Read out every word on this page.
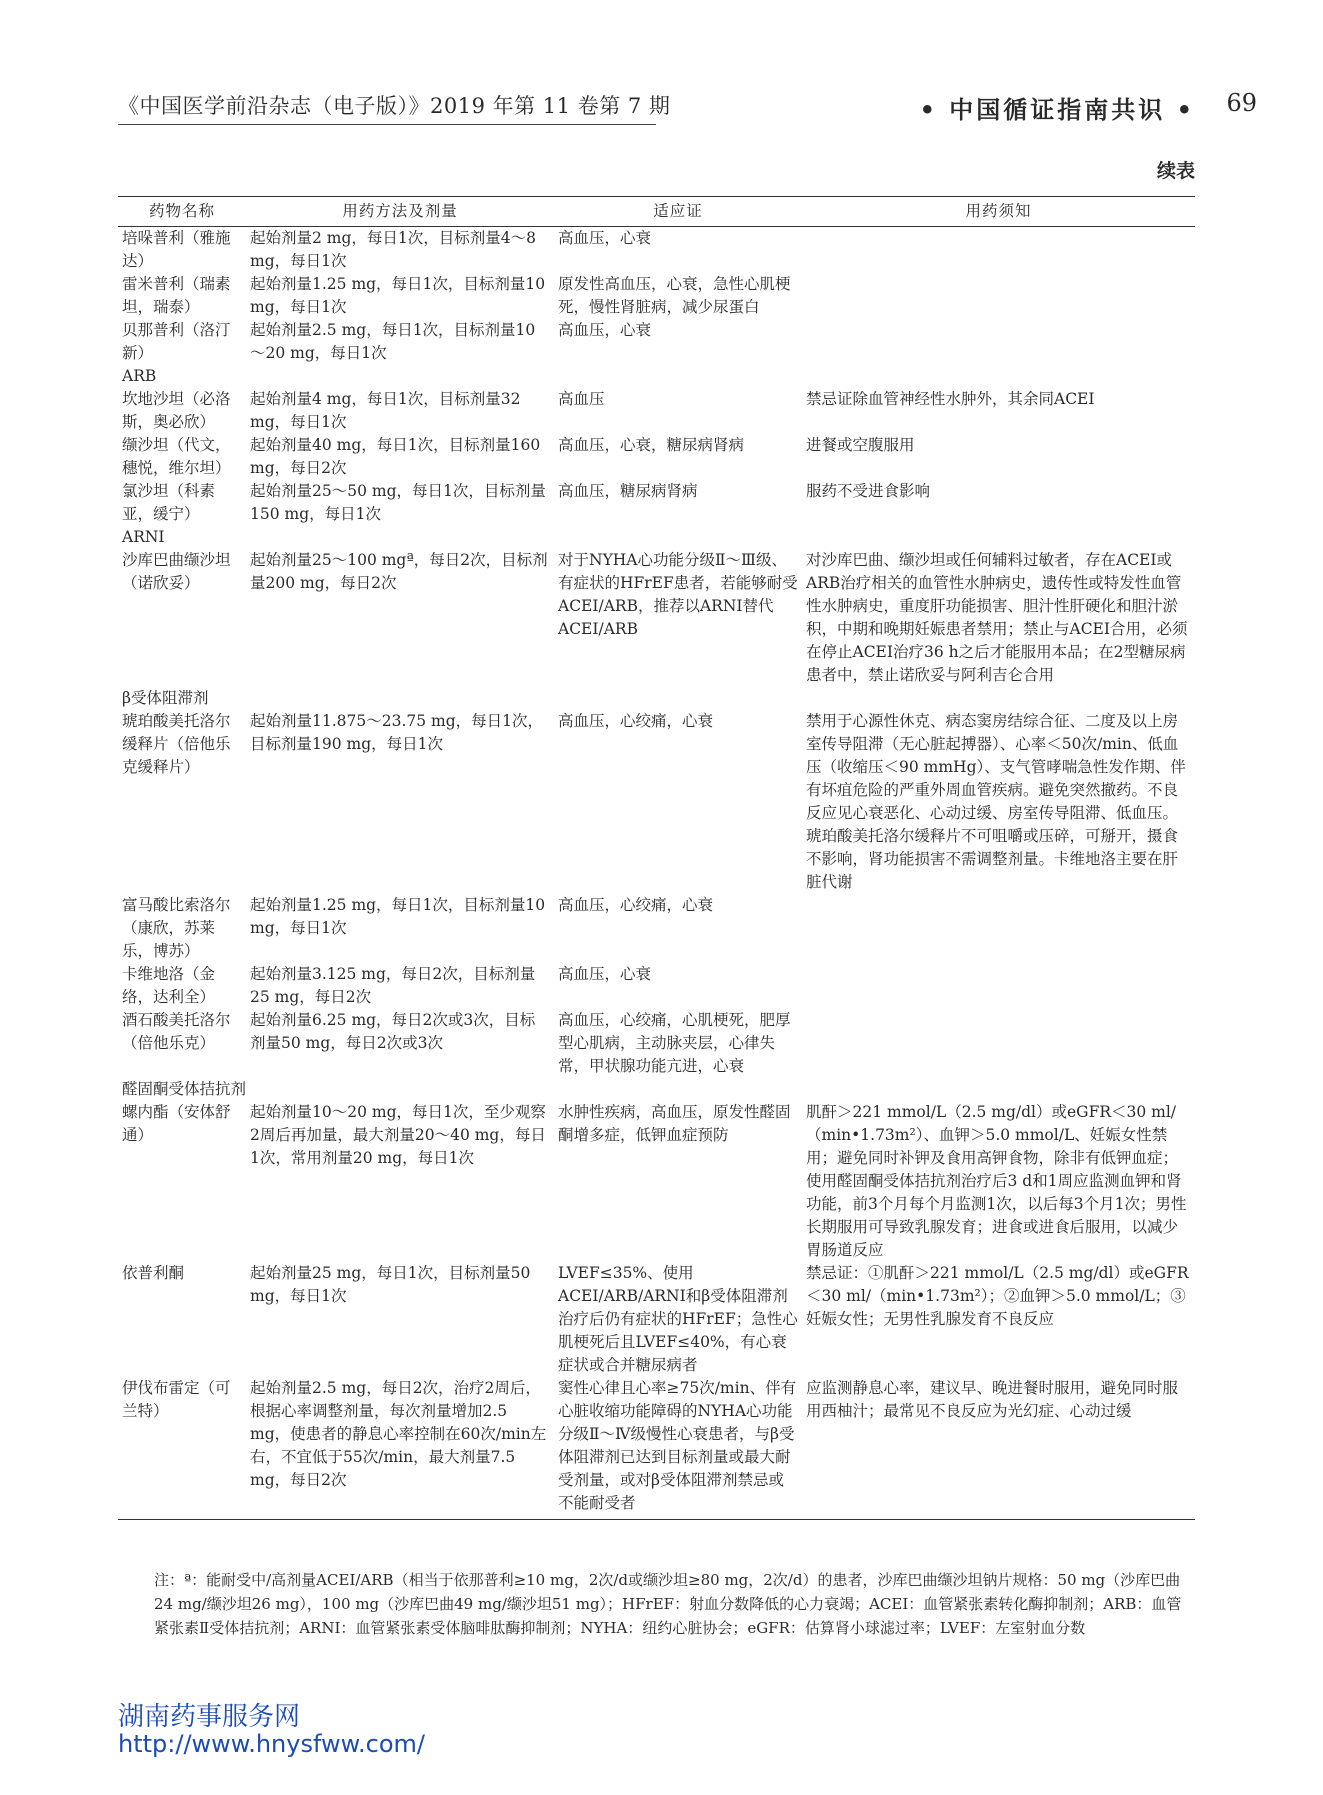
《中国医学前沿杂志（电子版）》2019 年第 11 卷第 7 期	• 中国循证指南共识 • 69
续表
药物名称	用药方法及剂量	适应证	用药须知
培哚普利（雅施达）	起始剂量2 mg，每日1次，目标剂量4～8 mg，每日1次	高血压，心衰	
雷米普利（瑞素坦，瑞泰）	起始剂量1.25 mg，每日1次，目标剂量10 mg，每日1次	原发性高血压，心衰，急性心肌梗死，慢性肾脏病，减少尿蛋白	
贝那普利（洛汀新）	起始剂量2.5 mg，每日1次，目标剂量10～20 mg，每日1次	高血压，心衰	
ARB			
坎地沙坦（必洛斯，奥必欣）	起始剂量4 mg，每日1次，目标剂量32 mg，每日1次	高血压	禁忌证除血管神经性水肿外，其余同ACEI
缬沙坦（代文，穗悦，维尔坦）	起始剂量40 mg，每日1次，目标剂量160 mg，每日2次	高血压，心衰，糖尿病肾病	进餐或空腹服用
氯沙坦（科素亚，缓宁）	起始剂量25～50 mg，每日1次，目标剂量150 mg，每日1次	高血压，糖尿病肾病	服药不受进食影响
ARNI			
沙库巴曲缬沙坦（诺欣妥）	起始剂量25～100 mgª，每日2次，目标剂量200 mg，每日2次	对于NYHA心功能分级Ⅱ～Ⅲ级、有症状的HFrEF患者，若能够耐受ACEI/ARB，推荐以ARNI替代ACEI/ARB	对沙库巴曲、缬沙坦或任何辅料过敏者，存在ACEI或ARB治疗相关的血管性水肿病史，遗传性或特发性血管性水肿病史，重度肝功能损害、胆汁性肝硬化和胆汁淤积，中期和晚期妊娠患者禁用；禁止与ACEI合用，必须在停止ACEI治疗36 h之后才能服用本品；在2型糖尿病患者中，禁止诺欣妥与阿利吉仑合用
β受体阻滞剂			
琥珀酸美托洛尔缓释片（倍他乐克缓释片）	起始剂量11.875～23.75 mg，每日1次，目标剂量190 mg，每日1次	高血压，心绞痛，心衰	禁用于心源性休克、病态窦房结综合征、二度及以上房室传导阻滞（无心脏起搏器）、心率＜50次/min、低血压（收缩压＜90 mmHg）、支气管哮喘急性发作期、伴有坏疽危险的严重外周血管疾病。避免突然撤药。不良反应见心衰恶化、心动过缓、房室传导阻滞、低血压。琥珀酸美托洛尔缓释片不可咀嚼或压碎，可掰开，摄食不影响，肾功能损害不需调整剂量。卡维地洛主要在肝脏代谢
富马酸比索洛尔（康欣，苏莱乐，博苏）	起始剂量1.25 mg，每日1次，目标剂量10 mg，每日1次	高血压，心绞痛，心衰	
卡维地洛（金络，达利全）	起始剂量3.125 mg，每日2次，目标剂量25 mg，每日2次	高血压，心衰	
酒石酸美托洛尔（倍他乐克）	起始剂量6.25 mg，每日2次或3次，目标剂量50 mg，每日2次或3次	高血压，心绞痛，心肌梗死，肥厚型心肌病，主动脉夹层，心律失常，甲状腺功能亢进，心衰	
醛固酮受体拮抗剂			
螺内酯（安体舒通）	起始剂量10～20 mg，每日1次，至少观察2周后再加量，最大剂量20～40 mg，每日1次，常用剂量20 mg，每日1次	水肿性疾病，高血压，原发性醛固酮增多症，低钾血症预防	肌酐＞221 mmol/L（2.5 mg/dl）或eGFR＜30 ml/（min•1.73m²）、血钾＞5.0 mmol/L、妊娠女性禁用；避免同时补钾及食用高钾食物，除非有低钾血症；使用醛固酮受体拮抗剂治疗后3 d和1周应监测血钾和肾功能，前3个月每个月监测1次，以后每3个月1次；男性长期服用可导致乳腺发育；进食或进食后服用，以减少胃肠道反应
依普利酮	起始剂量25 mg，每日1次，目标剂量50 mg，每日1次	LVEF≤35%、使用ACEI/ARB/ARNI和β受体阻滞剂治疗后仍有症状的HFrEF；急性心肌梗死后且LVEF≤40%，有心衰症状或合并糖尿病者	禁忌证：①肌酐＞221 mmol/L（2.5 mg/dl）或eGFR＜30 ml/（min•1.73m²）；②血钾＞5.0 mmol/L；③妊娠女性；无男性乳腺发育不良反应
伊伐布雷定（可兰特）	起始剂量2.5 mg，每日2次，治疗2周后，根据心率调整剂量，每次剂量增加2.5 mg，使患者的静息心率控制在60次/min左右，不宜低于55次/min，最大剂量7.5 mg，每日2次	窦性心律且心率≥75次/min、伴有心脏收缩功能障碍的NYHA心功能分级Ⅱ～Ⅳ级慢性心衰患者，与β受体阻滞剂已达到目标剂量或最大耐受剂量，或对β受体阻滞剂禁忌或不能耐受者	应监测静息心率，建议早、晚进餐时服用，避免同时服用西柚汁；最常见不良反应为光幻症、心动过缓
注：ª：能耐受中/高剂量ACEI/ARB（相当于依那普利≥10 mg，2次/d或缬沙坦≥80 mg，2次/d）的患者，沙库巴曲缬沙坦钠片规格：50 mg（沙库巴曲24 mg/缬沙坦26 mg），100 mg（沙库巴曲49 mg/缬沙坦51 mg）；HFrEF：射血分数降低的心力衰竭；ACEI：血管紧张素转化酶抑制剂；ARB：血管紧张素Ⅱ受体拮抗剂；ARNI：血管紧张素受体脑啡肽酶抑制剂；NYHA：纽约心脏协会；eGFR：估算肾小球滤过率；LVEF：左室射血分数
湖南药事服务网
http://www.hnysfww.com/
